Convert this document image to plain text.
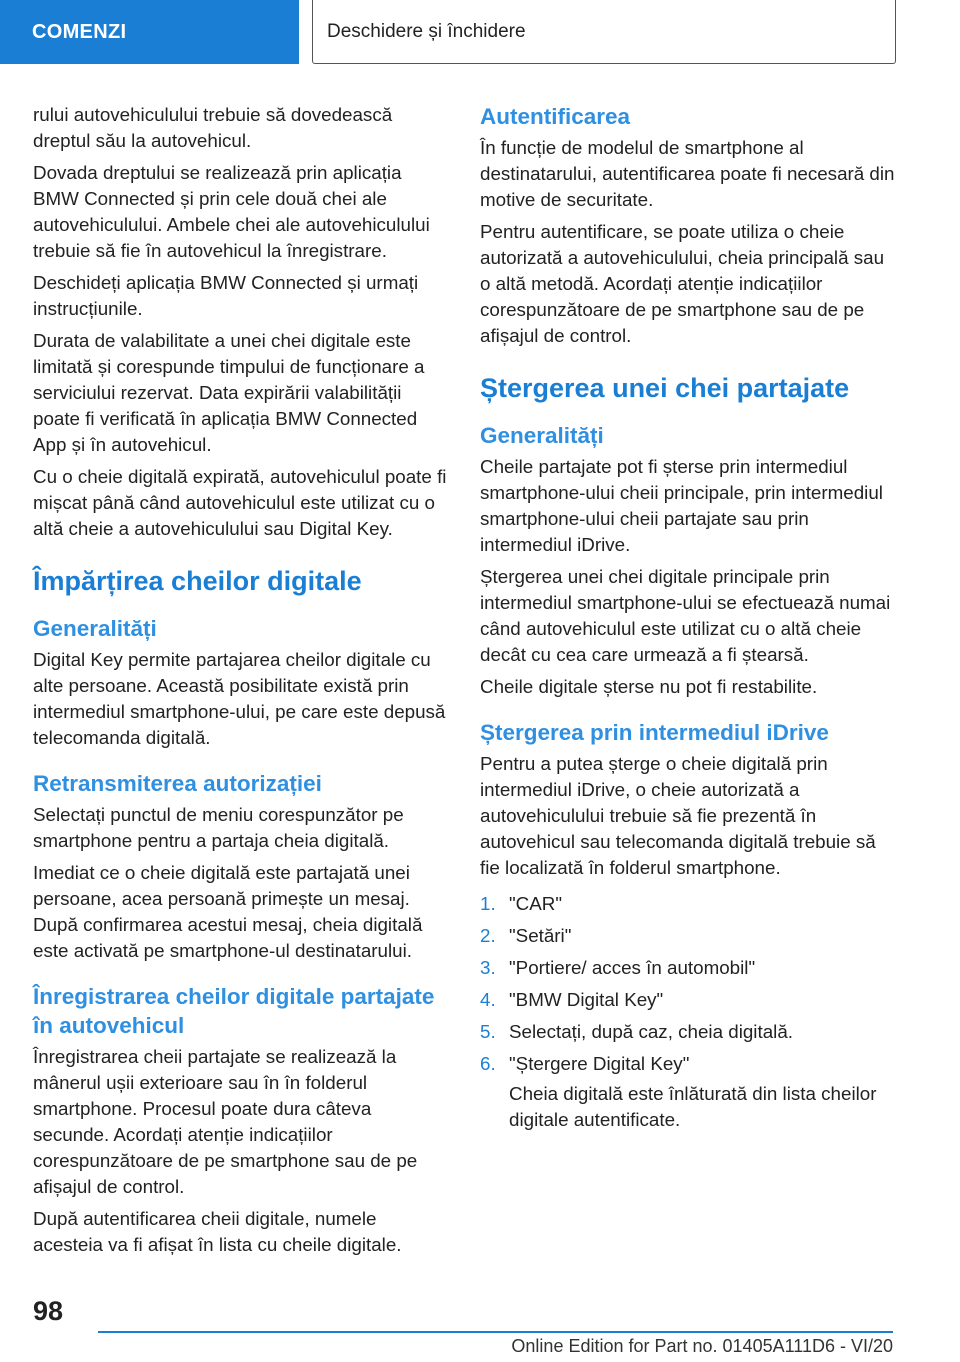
COMENZI	Deschidere și închidere

rului autovehiculului trebuie să dovedească dreptul său la autovehicul.

Dovada dreptului se realizează prin aplicația BMW Connected și prin cele două chei ale autovehiculului. Ambele chei ale autovehiculului trebuie să fie în autovehicul la înregistrare.

Deschideți aplicația BMW Connected și urmați instrucțiunile.

Durata de valabilitate a unei chei digitale este limitată și corespunde timpului de funcționare a serviciului rezervat. Data expirării valabilității poate fi verificată în aplicația BMW Connected App și în autovehicul.

Cu o cheie digitală expirată, autovehiculul poate fi mișcat până când autovehiculul este utilizat cu o altă cheie a autovehiculului sau Digital Key.

Împărțirea cheilor digitale
Generalități

Digital Key permite partajarea cheilor digitale cu alte persoane. Această posibilitate există prin intermediul smartphone-ului, pe care este depusă telecomanda digitală.

Retransmiterea autorizației

Selectați punctul de meniu corespunzător pe smartphone pentru a partaja cheia digitală.

Imediat ce o cheie digitală este partajată unei persoane, acea persoană primește un mesaj. După confirmarea acestui mesaj, cheia digitală este activată pe smartphone-ul destinatarului.

Înregistrarea cheilor digitale partajate în autovehicul

Înregistrarea cheii partajate se realizează la mânerul ușii exterioare sau în în folderul smartphone. Procesul poate dura câteva secunde. Acordați atenție indicațiilor corespunzătoare de pe smartphone sau de pe afișajul de control.

După autentificarea cheii digitale, numele acesteia va fi afișat în lista cu cheile digitale.

Autentificarea

În funcție de modelul de smartphone al destinatarului, autentificarea poate fi necesară din motive de securitate.

Pentru autentificare, se poate utiliza o cheie autorizată a autovehiculului, cheia principală sau o altă metodă. Acordați atenție indicațiilor corespunzătoare de pe smartphone sau de pe afișajul de control.

Ștergerea unei chei partajate
Generalități

Cheile partajate pot fi șterse prin intermediul smartphone-ului cheii principale, prin intermediul smartphone-ului cheii partajate sau prin intermediul iDrive.

Ștergerea unei chei digitale principale prin intermediul smartphone-ului se efectuează numai când autovehiculul este utilizat cu o altă cheie decât cu cea care urmează a fi ștearsă.

Cheile digitale șterse nu pot fi restabilite.

Ștergerea prin intermediul iDrive

Pentru a putea șterge o cheie digitală prin intermediul iDrive, o cheie autorizată a autovehiculului trebuie să fie prezentă în autovehicul sau telecomanda digitală trebuie să fie localizată în folderul smartphone.

1. "CAR"
2. "Setări"
3. "Portiere/ acces în automobil"
4. "BMW Digital Key"
5. Selectați, după caz, cheia digitală.
6. "Ștergere Digital Key"

Cheia digitală este înlăturată din lista cheilor digitale autentificate.

98
Online Edition for Part no. 01405A111D6 - VI/20
